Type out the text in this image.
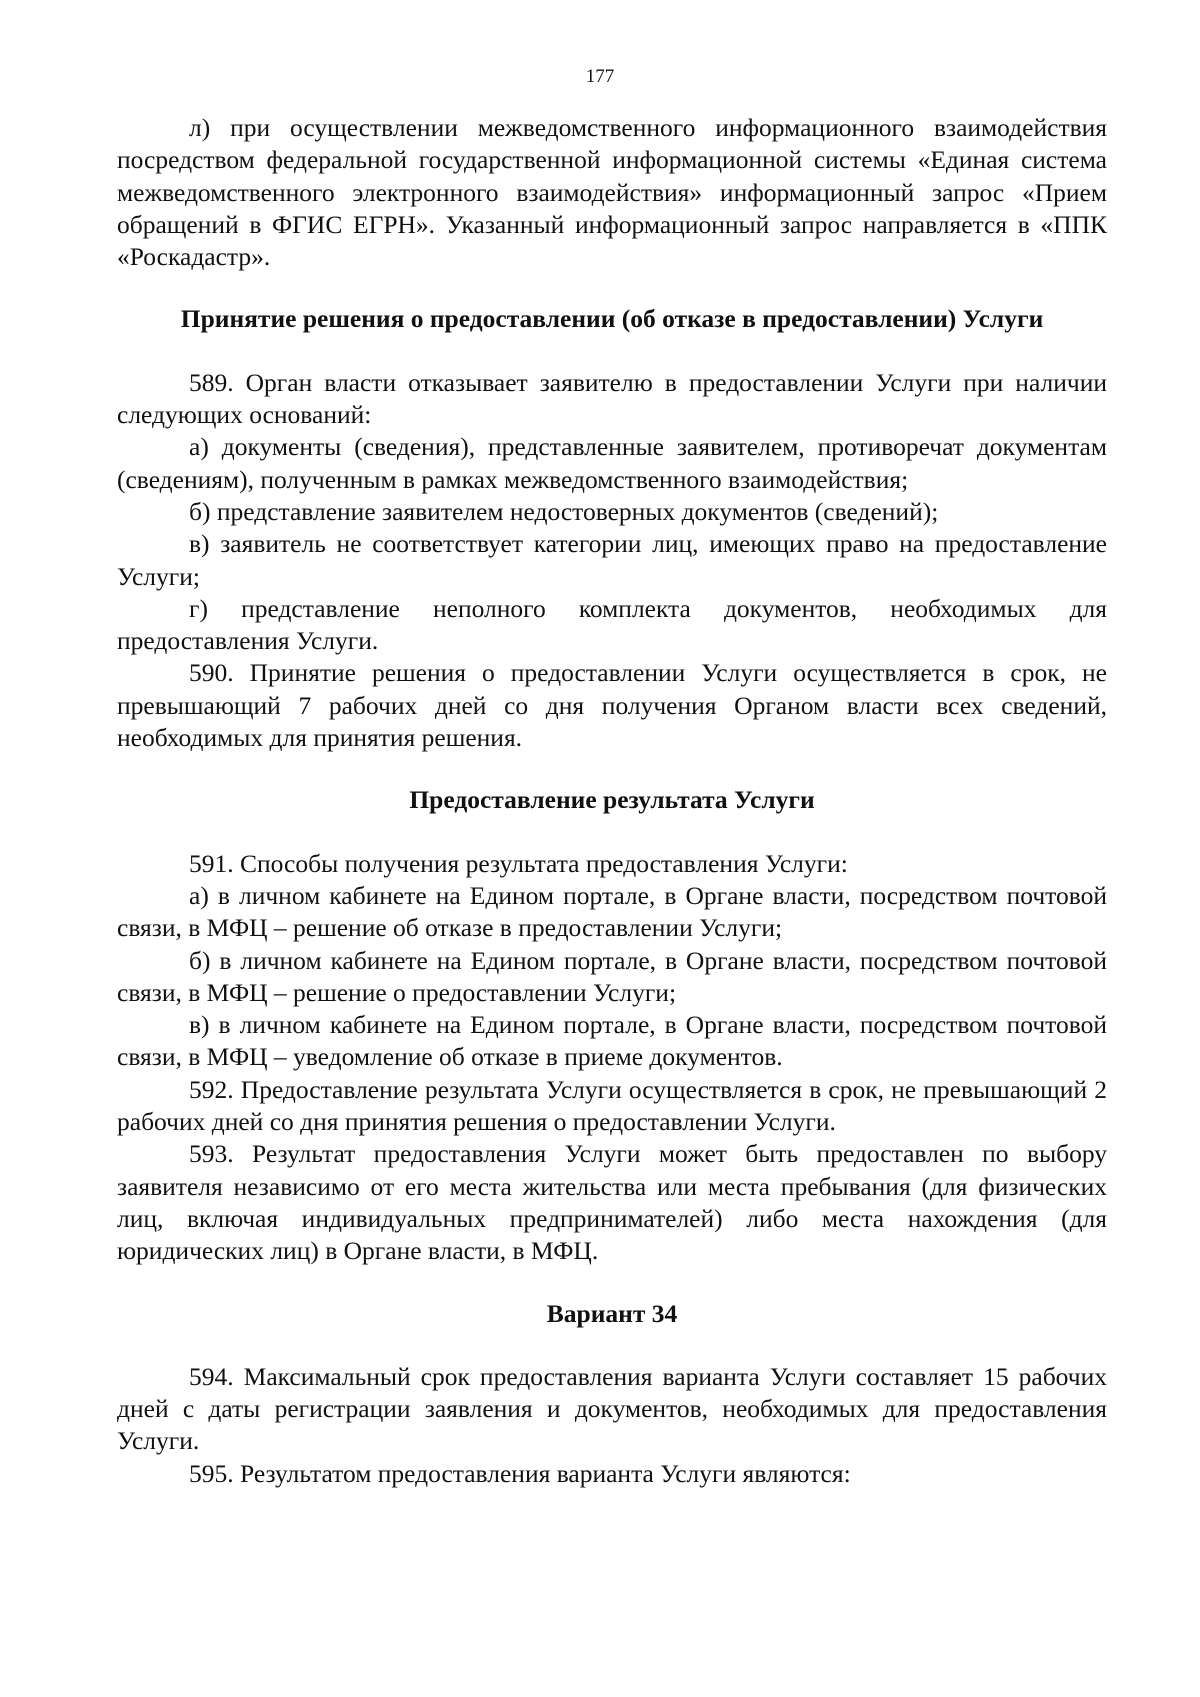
177

л) при осуществлении межведомственного информационного взаимодействия посредством федеральной государственной информационной системы «Единая система межведомственного электронного взаимодействия» информационный запрос «Прием обращений в ФГИС ЕГРН». Указанный информационный запрос направляется в «ППК «Роскадастр».

Принятие решения о предоставлении (об отказе в предоставлении) Услуги

589. Орган власти отказывает заявителю в предоставлении Услуги при наличии следующих оснований:

а) документы (сведения), представленные заявителем, противоречат документам (сведениям), полученным в рамках межведомственного взаимодействия;

б) представление заявителем недостоверных документов (сведений);

в) заявитель не соответствует категории лиц, имеющих право на предоставление Услуги;

г) представление неполного комплекта документов, необходимых для предоставления Услуги.

590. Принятие решения о предоставлении Услуги осуществляется в срок, не превышающий 7 рабочих дней со дня получения Органом власти всех сведений, необходимых для принятия решения.

Предоставление результата Услуги

591. Способы получения результата предоставления Услуги:

а) в личном кабинете на Едином портале, в Органе власти, посредством почтовой связи, в МФЦ – решение об отказе в предоставлении Услуги;

б) в личном кабинете на Едином портале, в Органе власти, посредством почтовой связи, в МФЦ – решение о предоставлении Услуги;

в) в личном кабинете на Едином портале, в Органе власти, посредством почтовой связи, в МФЦ – уведомление об отказе в приеме документов.

592. Предоставление результата Услуги осуществляется в срок, не превышающий 2 рабочих дней со дня принятия решения о предоставлении Услуги.

593. Результат предоставления Услуги может быть предоставлен по выбору заявителя независимо от его места жительства или места пребывания (для физических лиц, включая индивидуальных предпринимателей) либо места нахождения (для юридических лиц) в Органе власти, в МФЦ.

Вариант 34

594. Максимальный срок предоставления варианта Услуги составляет 15 рабочих дней с даты регистрации заявления и документов, необходимых для предоставления Услуги.

595. Результатом предоставления варианта Услуги являются:
